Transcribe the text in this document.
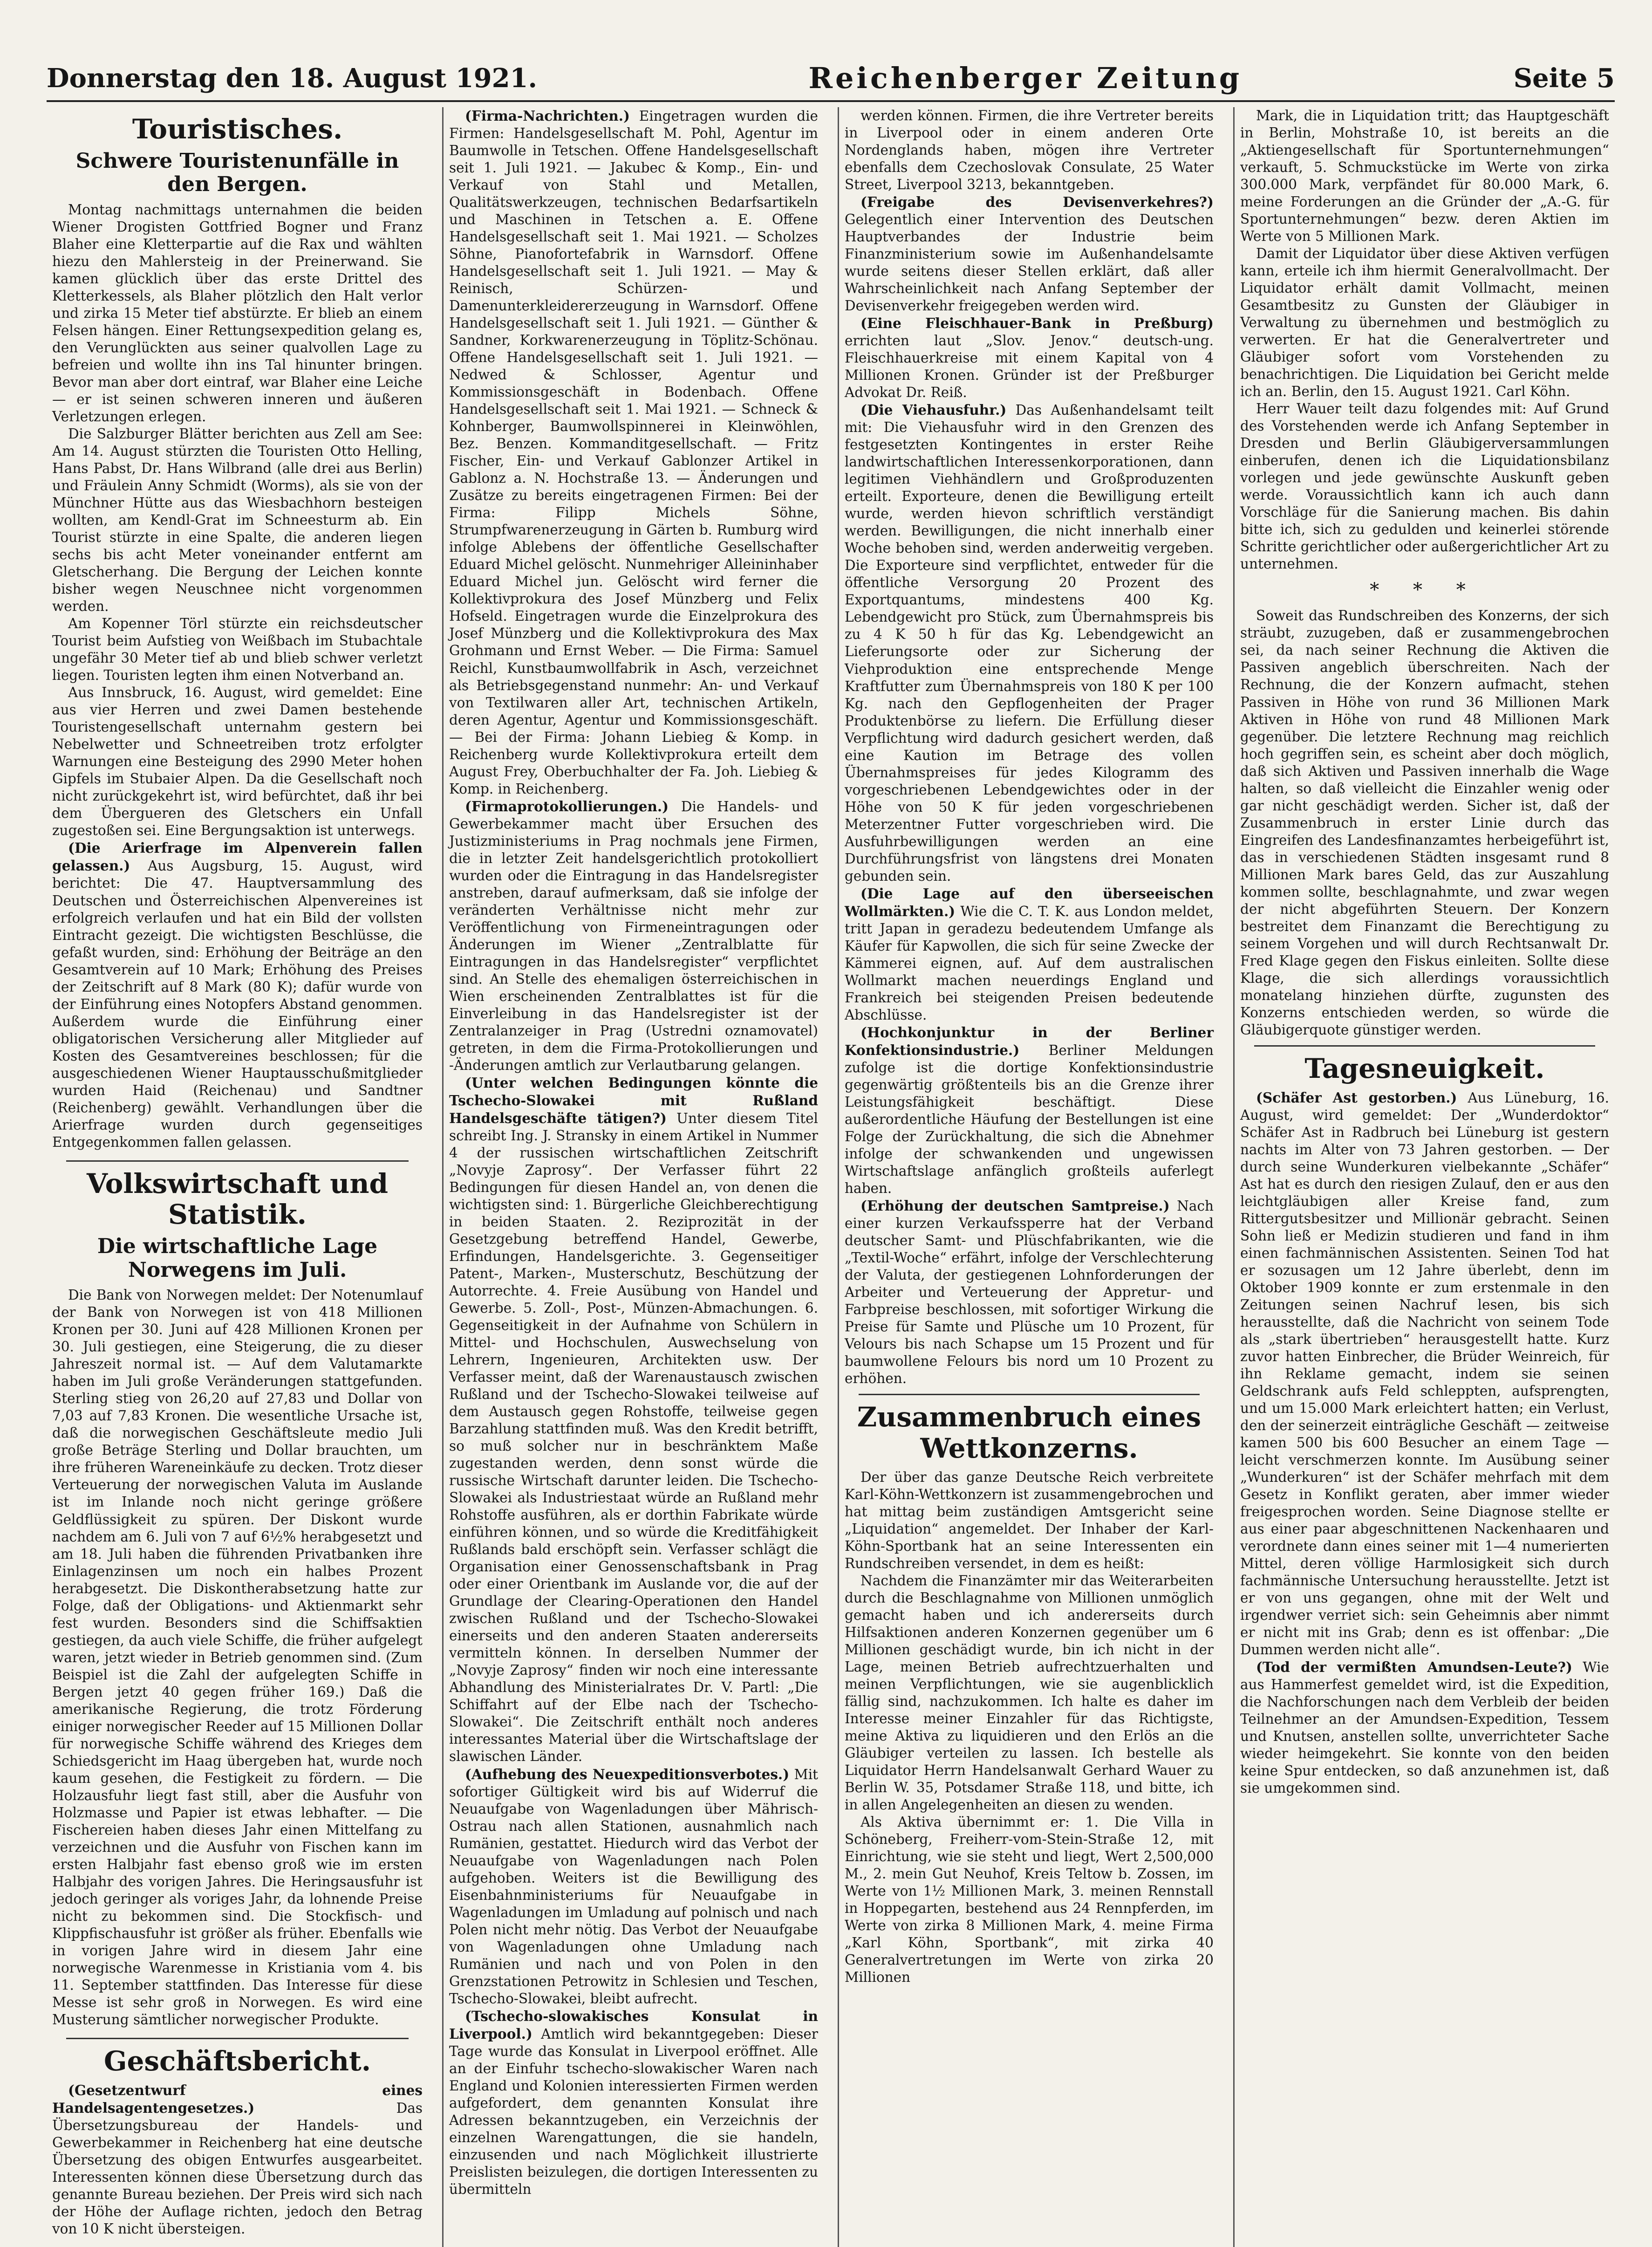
Donnerstag den 18. August 1921.	Reichenberger Zeitung	Seite 5
Touristisches.
Schwere Touristenunfälle in den Bergen.

Montag nachmittags unternahmen die beiden Wiener Drogisten Gottfried Bogner und Franz Blaher eine Kletterpartie auf die Rax und wählten hiezu den Mahlersteig in der Preinerwand. Sie kamen glücklich über das erste Drittel des Kletterkessels, als Blaher plötzlich den Halt verlor und zirka 15 Meter tief abstürzte. Er blieb an einem Felsen hängen. Einer Rettungsexpedition gelang es, den Verunglückten aus seiner qualvollen Lage zu befreien und wollte ihn ins Tal hinunter bringen. Bevor man aber dort eintraf, war Blaher eine Leiche — er ist seinen schweren inneren und äußeren Verletzungen erlegen.

Die Salzburger Blätter berichten aus Zell am See: Am 14. August stürzten die Touristen Otto Helling, Hans Pabst, Dr. Hans Wilbrand (alle drei aus Berlin) und Fräulein Anny Schmidt (Worms), als sie von der Münchner Hütte aus das Wiesbachhorn besteigen wollten, am Kendl-Grat im Schneesturm ab. Ein Tourist stürzte in eine Spalte, die anderen liegen sechs bis acht Meter voneinander entfernt am Gletscherhang. Die Bergung der Leichen konnte bisher wegen Neuschnee nicht vorgenommen werden.

Am Kopenner Törl stürzte ein reichsdeutscher Tourist beim Aufstieg von Weißbach im Stubachtale ungefähr 30 Meter tief ab und blieb schwer verletzt liegen. Touristen legten ihm einen Notverband an.

Aus Innsbruck, 16. August, wird gemeldet: Eine aus vier Herren und zwei Damen bestehende Touristengesellschaft unternahm gestern bei Nebelwetter und Schneetreiben trotz erfolgter Warnungen eine Besteigung des 2990 Meter hohen Gipfels im Stubaier Alpen. Da die Gesellschaft noch nicht zurückgekehrt ist, wird befürchtet, daß ihr bei dem Übergueren des Gletschers ein Unfall zugestoßen sei. Eine Bergungsaktion ist unterwegs.

(Die Arierfrage im Alpenverein fallen gelassen.) Aus Augsburg, 15. August, wird berichtet: Die 47. Hauptversammlung des Deutschen und Österreichischen Alpenvereines ist erfolgreich verlaufen und hat ein Bild der vollsten Eintracht gezeigt. Die wichtigsten Beschlüsse, die gefaßt wurden, sind: Erhöhung der Beiträge an den Gesamtverein auf 10 Mark; Erhöhung des Preises der Zeitschrift auf 8 Mark (80 K); dafür wurde von der Einführung eines Notopfers Abstand genommen. Außerdem wurde die Einführung einer obligatorischen Versicherung aller Mitglieder auf Kosten des Gesamtvereines beschlossen; für die ausgeschiedenen Wiener Hauptausschußmitglieder wurden Haid (Reichenau) und Sandtner (Reichenberg) gewählt. Verhandlungen über die Arierfrage wurden durch gegenseitiges Entgegenkommen fallen gelassen.

Volkswirtschaft und Statistik.
Die wirtschaftliche Lage Norwegens im Juli.

Die Bank von Norwegen meldet: Der Notenumlauf der Bank von Norwegen ist von 418 Millionen Kronen per 30. Juni auf 428 Millionen Kronen per 30. Juli gestiegen, eine Steigerung, die zu dieser Jahreszeit normal ist. — Auf dem Valutamarkte haben im Juli große Veränderungen stattgefunden. Sterling stieg von 26,20 auf 27,83 und Dollar von 7,03 auf 7,83 Kronen. Die wesentliche Ursache ist, daß die norwegischen Geschäftsleute medio Juli große Beträge Sterling und Dollar brauchten, um ihre früheren Wareneinkäufe zu decken. Trotz dieser Verteuerung der norwegischen Valuta im Auslande ist im Inlande noch nicht geringe größere Geldflüssigkeit zu spüren. Der Diskont wurde nachdem am 6. Juli von 7 auf 6½% herabgesetzt und am 18. Juli haben die führenden Privatbanken ihre Einlagenzinsen um noch ein halbes Prozent herabgesetzt. Die Diskontherabsetzung hatte zur Folge, daß der Obligations- und Aktienmarkt sehr fest wurden. Besonders sind die Schiffsaktien gestiegen, da auch viele Schiffe, die früher aufgelegt waren, jetzt wieder in Betrieb genommen sind. (Zum Beispiel ist die Zahl der aufgelegten Schiffe in Bergen jetzt 40 gegen früher 169.) Daß die amerikanische Regierung, die trotz Förderung einiger norwegischer Reeder auf 15 Millionen Dollar für norwegische Schiffe während des Krieges dem Schiedsgericht im Haag übergeben hat, wurde noch kaum gesehen, die Festigkeit zu fördern. — Die Holzausfuhr liegt fast still, aber die Ausfuhr von Holzmasse und Papier ist etwas lebhafter. — Die Fischereien haben dieses Jahr einen Mittelfang zu verzeichnen und die Ausfuhr von Fischen kann im ersten Halbjahr fast ebenso groß wie im ersten Halbjahr des vorigen Jahres. Die Heringsausfuhr ist jedoch geringer als voriges Jahr, da lohnende Preise nicht zu bekommen sind. Die Stockfisch- und Klippfischausfuhr ist größer als früher. Ebenfalls wie in vorigen Jahre wird in diesem Jahr eine norwegische Warenmesse in Kristiania vom 4. bis 11. September stattfinden. Das Interesse für diese Messe ist sehr groß in Norwegen. Es wird eine Musterung sämtlicher norwegischer Produkte.

Geschäftsbericht.

(Gesetzentwurf eines Handelsagentengesetzes.) Das Übersetzungsbureau der Handels- und Gewerbekammer in Reichenberg hat eine deutsche Übersetzung des obigen Entwurfes ausgearbeitet. Interessenten können diese Übersetzung durch das genannte Bureau beziehen. Der Preis wird sich nach der Höhe der Auflage richten, jedoch den Betrag von 10 K nicht übersteigen.

(Firma-Nachrichten.) Eingetragen wurden die Firmen: Handelsgesellschaft M. Pohl, Agentur im Baumwolle in Tetschen. Offene Handelsgesellschaft seit 1. Juli 1921. — Jakubec & Komp., Ein- und Verkauf von Stahl und Metallen, Qualitätswerkzeugen, technischen Bedarfsartikeln und Maschinen in Tetschen a. E. Offene Handelsgesellschaft seit 1. Mai 1921. — Scholzes Söhne, Pianofortefabrik in Warnsdorf. Offene Handelsgesellschaft seit 1. Juli 1921. — May & Reinisch, Schürzen- und Damenunterkleidererzeugung in Warnsdorf. Offene Handelsgesellschaft seit 1. Juli 1921. — Günther & Sandner, Korkwarenerzeugung in Töplitz-Schönau. Offene Handelsgesellschaft seit 1. Juli 1921. — Nedwed & Schlosser, Agentur und Kommissionsgeschäft in Bodenbach. Offene Handelsgesellschaft seit 1. Mai 1921. — Schneck & Kohnberger, Baumwollspinnerei in Kleinwöhlen, Bez. Benzen. Kommanditgesellschaft. — Fritz Fischer, Ein- und Verkauf Gablonzer Artikel in Gablonz a. N. Hochstraße 13. — Änderungen und Zusätze zu bereits eingetragenen Firmen: Bei der Firma: Filipp Michels Söhne, Strumpfwarenerzeugung in Gärten b. Rumburg wird infolge Ablebens der öffentliche Gesellschafter Eduard Michel gelöscht. Nunmehriger Alleininhaber Eduard Michel jun. Gelöscht wird ferner die Kollektivprokura des Josef Münzberg und Felix Hofseld. Eingetragen wurde die Einzelprokura des Josef Münzberg und die Kollektivprokura des Max Grohmann und Ernst Weber. — Die Firma: Samuel Reichl, Kunstbaumwollfabrik in Asch, verzeichnet als Betriebsgegenstand nunmehr: An- und Verkauf von Textilwaren aller Art, technischen Artikeln, deren Agentur, Agentur und Kommissionsgeschäft. — Bei der Firma: Johann Liebieg & Komp. in Reichenberg wurde Kollektivprokura erteilt dem August Frey, Oberbuchhalter der Fa. Joh. Liebieg & Komp. in Reichenberg.

(Firmaprotokollierungen.) Die Handels- und Gewerbekammer macht über Ersuchen des Justizministeriums in Prag nochmals jene Firmen, die in letzter Zeit handelsgerichtlich protokolliert wurden oder die Eintragung in das Handelsregister anstreben, darauf aufmerksam, daß sie infolge der veränderten Verhältnisse nicht mehr zur Veröffentlichung von Firmeneintragungen oder Änderungen im Wiener „Zentralblatte für Eintragungen in das Handelsregister“ verpflichtet sind. An Stelle des ehemaligen österreichischen in Wien erscheinenden Zentralblattes ist für die Einverleibung in das Handelsregister ist der Zentralanzeiger in Prag (Ustredni oznamovatel) getreten, in dem die Firma-Protokollierungen und -Änderungen amtlich zur Verlautbarung gelangen.

(Unter welchen Bedingungen könnte die Tschecho-Slowakei mit Rußland Handelsgeschäfte tätigen?) Unter diesem Titel schreibt Ing. J. Stransky in einem Artikel in Nummer 4 der russischen wirtschaftlichen Zeitschrift „Novyje Zaprosy“. Der Verfasser führt 22 Bedingungen für diesen Handel an, von denen die wichtigsten sind: 1. Bürgerliche Gleichberechtigung in beiden Staaten. 2. Reziprozität in der Gesetzgebung betreffend Handel, Gewerbe, Erfindungen, Handelsgerichte. 3. Gegenseitiger Patent-, Marken-, Musterschutz, Beschützung der Autorrechte. 4. Freie Ausübung von Handel und Gewerbe. 5. Zoll-, Post-, Münzen-Abmachungen. 6. Gegenseitigkeit in der Aufnahme von Schülern in Mittel- und Hochschulen, Auswechselung von Lehrern, Ingenieuren, Architekten usw. Der Verfasser meint, daß der Warenaustausch zwischen Rußland und der Tschecho-Slowakei teilweise auf dem Austausch gegen Rohstoffe, teilweise gegen Barzahlung stattfinden muß. Was den Kredit betrifft, so muß solcher nur in beschränktem Maße zugestanden werden, denn sonst würde die russische Wirtschaft darunter leiden. Die Tschecho-Slowakei als Industriestaat würde an Rußland mehr Rohstoffe ausführen, als er dorthin Fabrikate würde einführen können, und so würde die Kreditfähigkeit Rußlands bald erschöpft sein. Verfasser schlägt die Organisation einer Genossenschaftsbank in Prag oder einer Orientbank im Auslande vor, die auf der Grundlage der Clearing-Operationen den Handel zwischen Rußland und der Tschecho-Slowakei einerseits und den anderen Staaten andererseits vermitteln können. In derselben Nummer der „Novyje Zaprosy“ finden wir noch eine interessante Abhandlung des Ministerialrates Dr. V. Partl: „Die Schiffahrt auf der Elbe nach der Tschecho-Slowakei“. Die Zeitschrift enthält noch anderes interessantes Material über die Wirtschaftslage der slawischen Länder.

(Aufhebung des Neuexpeditionsverbotes.) Mit sofortiger Gültigkeit wird bis auf Widerruf die Neuaufgabe von Wagenladungen über Mährisch-Ostrau nach allen Stationen, ausnahmlich nach Rumänien, gestattet. Hiedurch wird das Verbot der Neuaufgabe von Wagenladungen nach Polen aufgehoben. Weiters ist die Bewilligung des Eisenbahnministeriums für Neuaufgabe in Wagenladungen im Umladung auf polnisch und nach Polen nicht mehr nötig. Das Verbot der Neuaufgabe von Wagenladungen ohne Umladung nach Rumänien und nach und von Polen in den Grenzstationen Petrowitz in Schlesien und Teschen, Tschecho-Slowakei, bleibt aufrecht.

(Tschecho-slowakisches Konsulat in Liverpool.) Amtlich wird bekanntgegeben: Dieser Tage wurde das Konsulat in Liverpool eröffnet. Alle an der Einfuhr tschecho-slowakischer Waren nach England und Kolonien interessierten Firmen werden aufgefordert, dem genannten Konsulat ihre Adressen bekanntzugeben, ein Verzeichnis der einzelnen Warengattungen, die sie handeln, einzusenden und nach Möglichkeit illustrierte Preislisten beizulegen, die dortigen Interessenten zu übermitteln

werden können. Firmen, die ihre Vertreter bereits in Liverpool oder in einem anderen Orte Nordenglands haben, mögen ihre Vertreter ebenfalls dem Czechoslovak Consulate, 25 Water Street, Liverpool 3213, bekanntgeben.

(Freigabe des Devisenverkehres?) Gelegentlich einer Intervention des Deutschen Hauptverbandes der Industrie beim Finanzministerium sowie im Außenhandelsamte wurde seitens dieser Stellen erklärt, daß aller Wahrscheinlichkeit nach Anfang September der Devisenverkehr freigegeben werden wird.

(Eine Fleischhauer-Bank in Preßburg) errichten laut „Slov. Jenov.“ deutsch-ung. Fleischhauerkreise mit einem Kapital von 4 Millionen Kronen. Gründer ist der Preßburger Advokat Dr. Reiß.

(Die Viehausfuhr.) Das Außenhandelsamt teilt mit: Die Viehausfuhr wird in den Grenzen des festgesetzten Kontingentes in erster Reihe landwirtschaftlichen Interessenkorporationen, dann legitimen Viehhändlern und Großproduzenten erteilt. Exporteure, denen die Bewilligung erteilt wurde, werden hievon schriftlich verständigt werden. Bewilligungen, die nicht innerhalb einer Woche behoben sind, werden anderweitig vergeben. Die Exporteure sind verpflichtet, entweder für die öffentliche Versorgung 20 Prozent des Exportquantums, mindestens 400 Kg. Lebendgewicht pro Stück, zum Übernahmspreis bis zu 4 K 50 h für das Kg. Lebendgewicht an Lieferungsorte oder zur Sicherung der Viehproduktion eine entsprechende Menge Kraftfutter zum Übernahmspreis von 180 K per 100 Kg. nach den Gepflogenheiten der Prager Produktenbörse zu liefern. Die Erfüllung dieser Verpflichtung wird dadurch gesichert werden, daß eine Kaution im Betrage des vollen Übernahmspreises für jedes Kilogramm des vorgeschriebenen Lebendgewichtes oder in der Höhe von 50 K für jeden vorgeschriebenen Meterzentner Futter vorgeschrieben wird. Die Ausfuhrbewilligungen werden an eine Durchführungsfrist von längstens drei Monaten gebunden sein.

(Die Lage auf den überseeischen Wollmärkten.) Wie die C. T. K. aus London meldet, tritt Japan in geradezu bedeutendem Umfange als Käufer für Kapwollen, die sich für seine Zwecke der Kämmerei eignen, auf. Auf dem australischen Wollmarkt machen neuerdings England und Frankreich bei steigenden Preisen bedeutende Abschlüsse.

(Hochkonjunktur in der Berliner Konfektionsindustrie.) Berliner Meldungen zufolge ist die dortige Konfektionsindustrie gegenwärtig größtenteils bis an die Grenze ihrer Leistungsfähigkeit beschäftigt. Diese außerordentliche Häufung der Bestellungen ist eine Folge der Zurückhaltung, die sich die Abnehmer infolge der schwankenden und ungewissen Wirtschaftslage anfänglich großteils auferlegt haben.

(Erhöhung der deutschen Samtpreise.) Nach einer kurzen Verkaufssperre hat der Verband deutscher Samt- und Plüschfabrikanten, wie die „Textil-Woche“ erfährt, infolge der Verschlechterung der Valuta, der gestiegenen Lohnforderungen der Arbeiter und Verteuerung der Appretur- und Farbpreise beschlossen, mit sofortiger Wirkung die Preise für Samte und Plüsche um 10 Prozent, für Velours bis nach Schapse um 15 Prozent und für baumwollene Felours bis nord um 10 Prozent zu erhöhen.

Zusammenbruch eines Wettkonzerns.

Der über das ganze Deutsche Reich verbreitete Karl-Köhn-Wettkonzern ist zusammengebrochen und hat mittag beim zuständigen Amtsgericht seine „Liquidation“ angemeldet. Der Inhaber der Karl-Köhn-Sportbank hat an seine Interessenten ein Rundschreiben versendet, in dem es heißt:

Nachdem die Finanzämter mir das Weiterarbeiten durch die Beschlagnahme von Millionen unmöglich gemacht haben und ich andererseits durch Hilfsaktionen anderen Konzernen gegenüber um 6 Millionen geschädigt wurde, bin ich nicht in der Lage, meinen Betrieb aufrechtzuerhalten und meinen Verpflichtungen, wie sie augenblicklich fällig sind, nachzukommen. Ich halte es daher im Interesse meiner Einzahler für das Richtigste, meine Aktiva zu liquidieren und den Erlös an die Gläubiger verteilen zu lassen. Ich bestelle als Liquidator Herrn Handelsanwalt Gerhard Wauer zu Berlin W. 35, Potsdamer Straße 118, und bitte, ich in allen Angelegenheiten an diesen zu wenden.

Als Aktiva übernimmt er: 1. Die Villa in Schöneberg, Freiherr-vom-Stein-Straße 12, mit Einrichtung, wie sie steht und liegt, Wert 2,500,000 M., 2. mein Gut Neuhof, Kreis Teltow b. Zossen, im Werte von 1½ Millionen Mark, 3. meinen Rennstall in Hoppegarten, bestehend aus 24 Rennpferden, im Werte von zirka 8 Millionen Mark, 4. meine Firma „Karl Köhn, Sportbank“, mit zirka 40 Generalvertretungen im Werte von zirka 20 Millionen

Mark, die in Liquidation tritt; das Hauptgeschäft in Berlin, Mohstraße 10, ist bereits an die „Aktiengesellschaft für Sportunternehmungen“ verkauft, 5. Schmuckstücke im Werte von zirka 300.000 Mark, verpfändet für 80.000 Mark, 6. meine Forderungen an die Gründer der „A.-G. für Sportunternehmungen“ bezw. deren Aktien im Werte von 5 Millionen Mark.

Damit der Liquidator über diese Aktiven verfügen kann, erteile ich ihm hiermit Generalvollmacht. Der Liquidator erhält damit Vollmacht, meinen Gesamtbesitz zu Gunsten der Gläubiger in Verwaltung zu übernehmen und bestmöglich zu verwerten. Er hat die Generalvertreter und Gläubiger sofort vom Vorstehenden zu benachrichtigen. Die Liquidation bei Gericht melde ich an. Berlin, den 15. August 1921. Carl Köhn.

Herr Wauer teilt dazu folgendes mit: Auf Grund des Vorstehenden werde ich Anfang September in Dresden und Berlin Gläubigerversammlungen einberufen, denen ich die Liquidationsbilanz vorlegen und jede gewünschte Auskunft geben werde. Voraussichtlich kann ich auch dann Vorschläge für die Sanierung machen. Bis dahin bitte ich, sich zu gedulden und keinerlei störende Schritte gerichtlicher oder außergerichtlicher Art zu unternehmen.

* * *

Soweit das Rundschreiben des Konzerns, der sich sträubt, zuzugeben, daß er zusammengebrochen sei, da nach seiner Rechnung die Aktiven die Passiven angeblich überschreiten. Nach der Rechnung, die der Konzern aufmacht, stehen Passiven in Höhe von rund 36 Millionen Mark Aktiven in Höhe von rund 48 Millionen Mark gegenüber. Die letztere Rechnung mag reichlich hoch gegriffen sein, es scheint aber doch möglich, daß sich Aktiven und Passiven innerhalb die Wage halten, so daß vielleicht die Einzahler wenig oder gar nicht geschädigt werden. Sicher ist, daß der Zusammenbruch in erster Linie durch das Eingreifen des Landesfinanzamtes herbeigeführt ist, das in verschiedenen Städten insgesamt rund 8 Millionen Mark bares Geld, das zur Auszahlung kommen sollte, beschlagnahmte, und zwar wegen der nicht abgeführten Steuern. Der Konzern bestreitet dem Finanzamt die Berechtigung zu seinem Vorgehen und will durch Rechtsanwalt Dr. Fred Klage gegen den Fiskus einleiten. Sollte diese Klage, die sich allerdings voraussichtlich monatelang hinziehen dürfte, zugunsten des Konzerns entschieden werden, so würde die Gläubigerquote günstiger werden.

Tagesneuigkeit.

(Schäfer Ast gestorben.) Aus Lüneburg, 16. August, wird gemeldet: Der „Wunderdoktor“ Schäfer Ast in Radbruch bei Lüneburg ist gestern nachts im Alter von 73 Jahren gestorben. — Der durch seine Wunderkuren vielbekannte „Schäfer“ Ast hat es durch den riesigen Zulauf, den er aus den leichtgläubigen aller Kreise fand, zum Rittergutsbesitzer und Millionär gebracht. Seinen Sohn ließ er Medizin studieren und fand in ihm einen fachmännischen Assistenten. Seinen Tod hat er sozusagen um 12 Jahre überlebt, denn im Oktober 1909 konnte er zum erstenmale in den Zeitungen seinen Nachruf lesen, bis sich herausstellte, daß die Nachricht von seinem Tode als „stark übertrieben“ herausgestellt hatte. Kurz zuvor hatten Einbrecher, die Brüder Weinreich, für ihn Reklame gemacht, indem sie seinen Geldschrank aufs Feld schleppten, aufsprengten, und um 15.000 Mark erleichtert hatten; ein Verlust, den der seinerzeit einträgliche Geschäft — zeitweise kamen 500 bis 600 Besucher an einem Tage — leicht verschmerzen konnte. Im Ausübung seiner „Wunderkuren“ ist der Schäfer mehrfach mit dem Gesetz in Konflikt geraten, aber immer wieder freigesprochen worden. Seine Diagnose stellte er aus einer paar abgeschnittenen Nackenhaaren und verordnete dann eines seiner mit 1—4 numerierten Mittel, deren völlige Harmlosigkeit sich durch fachmännische Untersuchung herausstellte. Jetzt ist er von uns gegangen, ohne mit der Welt und irgendwer verriet sich: sein Geheimnis aber nimmt er nicht mit ins Grab; denn es ist offenbar: „Die Dummen werden nicht alle“.

(Tod der vermißten Amundsen-Leute?) Wie aus Hammerfest gemeldet wird, ist die Expedition, die Nachforschungen nach dem Verbleib der beiden Teilnehmer an der Amundsen-Expedition, Tessem und Knutsen, anstellen sollte, unverrichteter Sache wieder heimgekehrt. Sie konnte von den beiden keine Spur entdecken, so daß anzunehmen ist, daß sie umgekommen sind.
